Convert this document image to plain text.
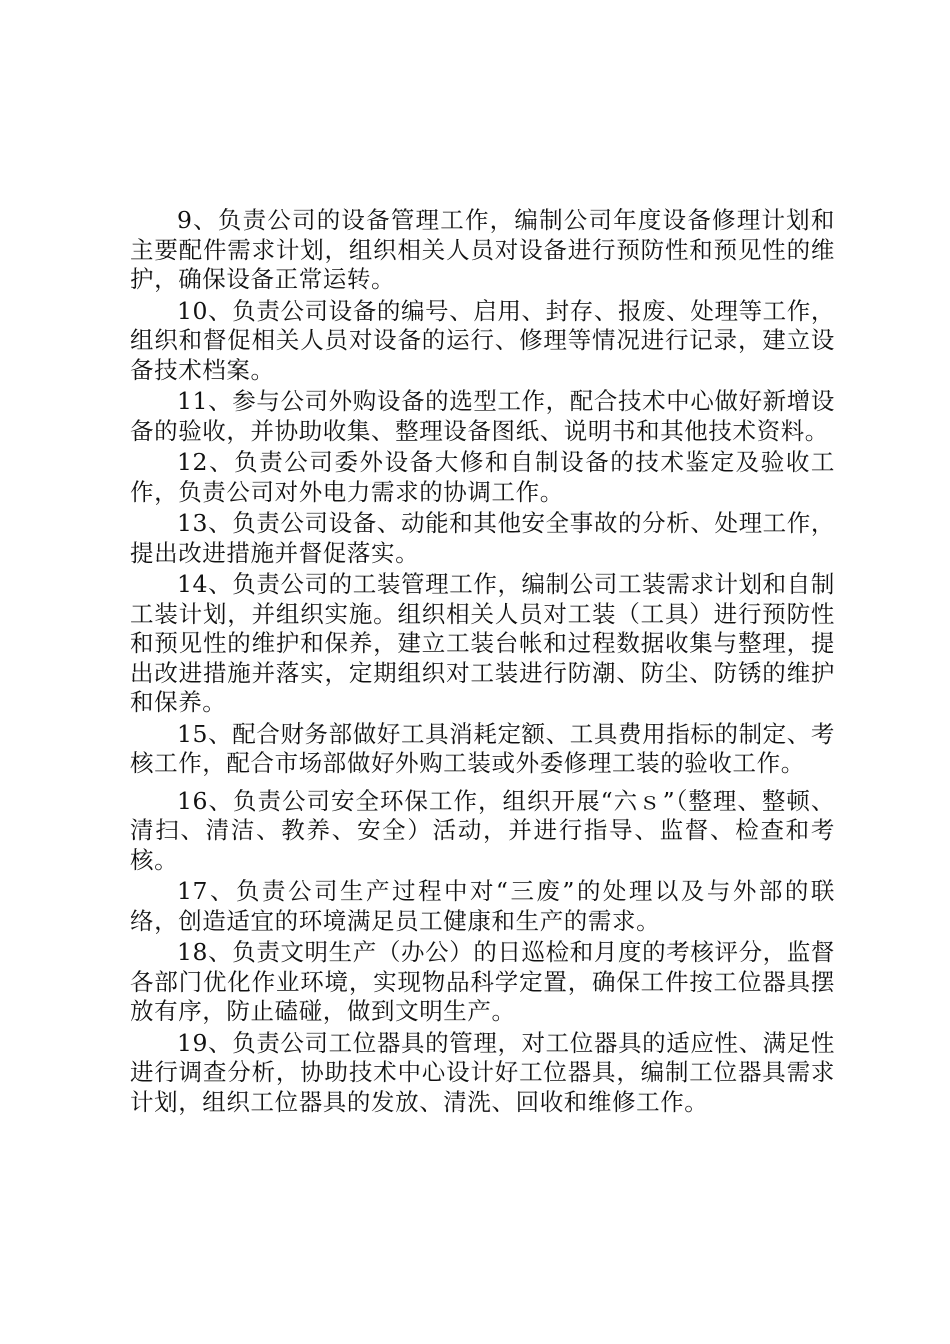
9、负责公司的设备管理工作，编制公司年度设备修理计划和主要配件需求计划，组织相关人员对设备进行预防性和预见性的维护，确保设备正常运转。

10、负责公司设备的编号、启用、封存、报废、处理等工作，组织和督促相关人员对设备的运行、修理等情况进行记录，建立设备技术档案。

11、参与公司外购设备的选型工作，配合技术中心做好新增设备的验收，并协助收集、整理设备图纸、说明书和其他技术资料。

12、负责公司委外设备大修和自制设备的技术鉴定及验收工作，负责公司对外电力需求的协调工作。

13、负责公司设备、动能和其他安全事故的分析、处理工作，提出改进措施并督促落实。

14、负责公司的工装管理工作，编制公司工装需求计划和自制工装计划，并组织实施。组织相关人员对工装（工具）进行预防性和预见性的维护和保养，建立工装台帐和过程数据收集与整理，提出改进措施并落实，定期组织对工装进行防潮、防尘、防锈的维护和保养。

15、配合财务部做好工具消耗定额、工具费用指标的制定、考核工作，配合市场部做好外购工装或外委修理工装的验收工作。

16、负责公司安全环保工作，组织开展“六ｓ”（整理、整顿、清扫、清洁、教养、安全）活动，并进行指导、监督、检查和考核。

17、负责公司生产过程中对“三废”的处理以及与外部的联络，创造适宜的环境满足员工健康和生产的需求。

18、负责文明生产（办公）的日巡检和月度的考核评分，监督各部门优化作业环境，实现物品科学定置，确保工件按工位器具摆放有序，防止磕碰，做到文明生产。

19、负责公司工位器具的管理，对工位器具的适应性、满足性进行调查分析，协助技术中心设计好工位器具，编制工位器具需求计划，组织工位器具的发放、清洗、回收和维修工作。
